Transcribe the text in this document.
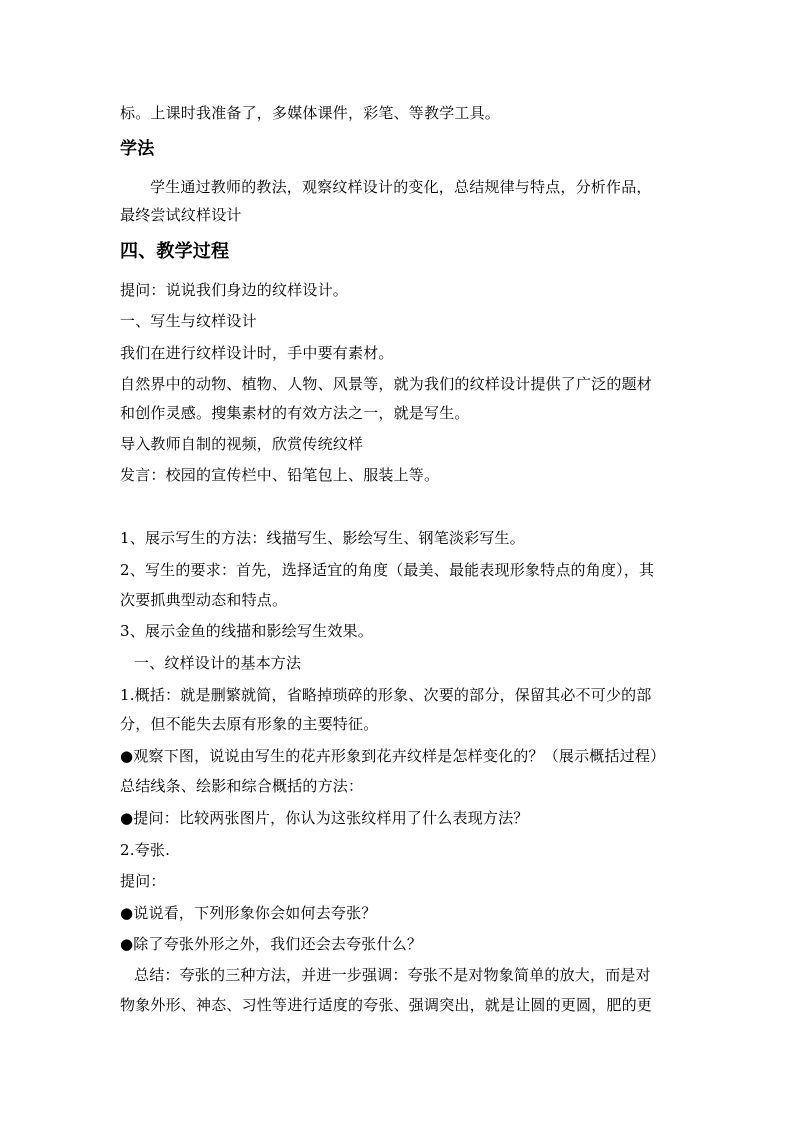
标。上课时我准备了，多媒体课件，彩笔、等教学工具。
学法
学生通过教师的教法，观察纹样设计的变化，总结规律与特点，分析作品，
最终尝试纹样设计
四、教学过程
提问：说说我们身边的纹样设计。
一、写生与纹样设计
我们在进行纹样设计时，手中要有素材。
自然界中的动物、植物、人物、风景等，就为我们的纹样设计提供了广泛的题材
和创作灵感。搜集素材的有效方法之一，就是写生。
导入教师自制的视频，欣赏传统纹样
发言：校园的宣传栏中、铅笔包上、服装上等。
1、展示写生的方法：线描写生、影绘写生、钢笔淡彩写生。
2、写生的要求：首先，选择适宜的角度（最美、最能表现形象特点的角度），其
次要抓典型动态和特点。
3、展示金鱼的线描和影绘写生效果。
一、纹样设计的基本方法
1.概括：就是删繁就简，省略掉琐碎的形象、次要的部分，保留其必不可少的部
分，但不能失去原有形象的主要特征。
●观察下图，说说由写生的花卉形象到花卉纹样是怎样变化的？（展示概括过程）
总结线条、绘影和综合概括的方法：
●提问：比较两张图片，你认为这张纹样用了什么表现方法？
2.夸张.
提问：
●说说看，下列形象你会如何去夸张？
●除了夸张外形之外，我们还会去夸张什么？
总结：夸张的三种方法，并进一步强调：夸张不是对物象简单的放大，而是对
物象外形、神态、习性等进行适度的夸张、强调突出，就是让圆的更圆，肥的更
